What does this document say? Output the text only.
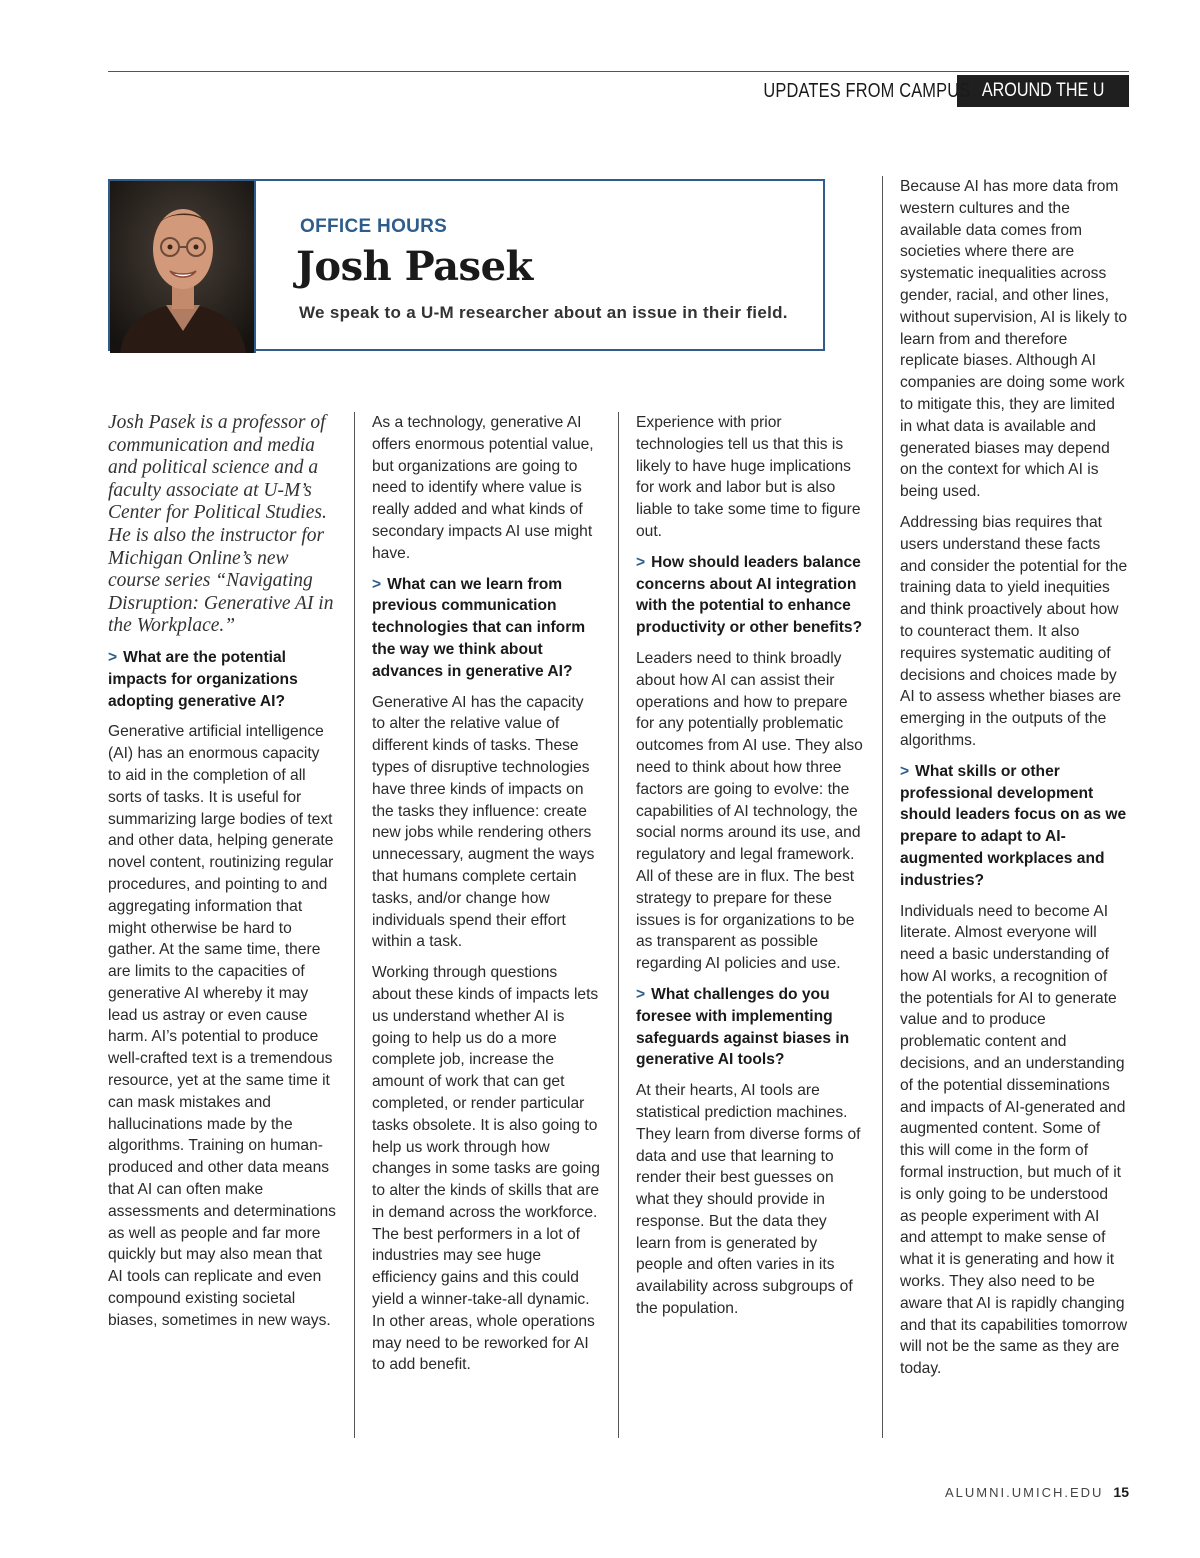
UPDATES FROM CAMPUS AROUND THE U
OFFICE HOURS
Josh Pasek
We speak to a U-M researcher about an issue in their field.

Josh Pasek is a professor of communication and media and political science and a faculty associate at U-M’s Center for Political Studies. He is also the instructor for Michigan Online’s new course series “Navigating Disruption: Generative AI in the Workplace.”

> What are the potential impacts for organizations adopting generative AI?

Generative artificial intelligence (AI) has an enormous capacity to aid in the completion of all sorts of tasks. It is useful for summarizing large bodies of text and other data, helping generate novel content, routinizing regular procedures, and pointing to and aggregating information that might otherwise be hard to gather. At the same time, there are limits to the capacities of generative AI whereby it may lead us astray or even cause harm. AI’s potential to produce well-crafted text is a tremendous resource, yet at the same time it can mask mistakes and hallucinations made by the algorithms. Training on human-produced and other data means that AI can often make assessments and determinations as well as people and far more quickly but may also mean that AI tools can replicate and even compound existing societal biases, sometimes in new ways.

As a technology, generative AI offers enormous potential value, but organizations are going to need to identify where value is really added and what kinds of secondary impacts AI use might have.

> What can we learn from previous communication technologies that can inform the way we think about advances in generative AI?

Generative AI has the capacity to alter the relative value of different kinds of tasks. These types of disruptive technologies have three kinds of impacts on the tasks they influence: create new jobs while rendering others unnecessary, augment the ways that humans complete certain tasks, and/or change how individuals spend their effort within a task.

Working through questions about these kinds of impacts lets us understand whether AI is going to help us do a more complete job, increase the amount of work that can get completed, or render particular tasks obsolete. It is also going to help us work through how changes in some tasks are going to alter the kinds of skills that are in demand across the workforce. The best performers in a lot of industries may see huge efficiency gains and this could yield a winner-take-all dynamic. In other areas, whole operations may need to be reworked for AI to add benefit.

Experience with prior technologies tell us that this is likely to have huge implications for work and labor but is also liable to take some time to figure out.

> How should leaders balance concerns about AI integration with the potential to enhance productivity or other benefits?

Leaders need to think broadly about how AI can assist their operations and how to prepare for any potentially problematic outcomes from AI use. They also need to think about how three factors are going to evolve: the capabilities of AI technology, the social norms around its use, and regulatory and legal framework. All of these are in flux. The best strategy to prepare for these issues is for organizations to be as transparent as possible regarding AI policies and use.

> What challenges do you foresee with implementing safeguards against biases in generative AI tools?

At their hearts, AI tools are statistical prediction machines. They learn from diverse forms of data and use that learning to render their best guesses on what they should provide in response. But the data they learn from is generated by people and often varies in its availability across subgroups of the population.

Because AI has more data from western cultures and the available data comes from societies where there are systematic inequalities across gender, racial, and other lines, without supervision, AI is likely to learn from and therefore replicate biases. Although AI companies are doing some work to mitigate this, they are limited in what data is available and generated biases may depend on the context for which AI is being used.

Addressing bias requires that users understand these facts and consider the potential for the training data to yield inequities and think proactively about how to counteract them. It also requires systematic auditing of decisions and choices made by AI to assess whether biases are emerging in the outputs of the algorithms.

> What skills or other professional development should leaders focus on as we prepare to adapt to AI-augmented workplaces and industries?

Individuals need to become AI literate. Almost everyone will need a basic understanding of how AI works, a recognition of the potentials for AI to generate value and to produce problematic content and decisions, and an understanding of the potential disseminations and impacts of AI-generated and augmented content. Some of this will come in the form of formal instruction, but much of it is only going to be understood as people experiment with AI and attempt to make sense of what it is generating and how it works. They also need to be aware that AI is rapidly changing and that its capabilities tomorrow will not be the same as they are today.

ALUMNI.UMICH.EDU 15
